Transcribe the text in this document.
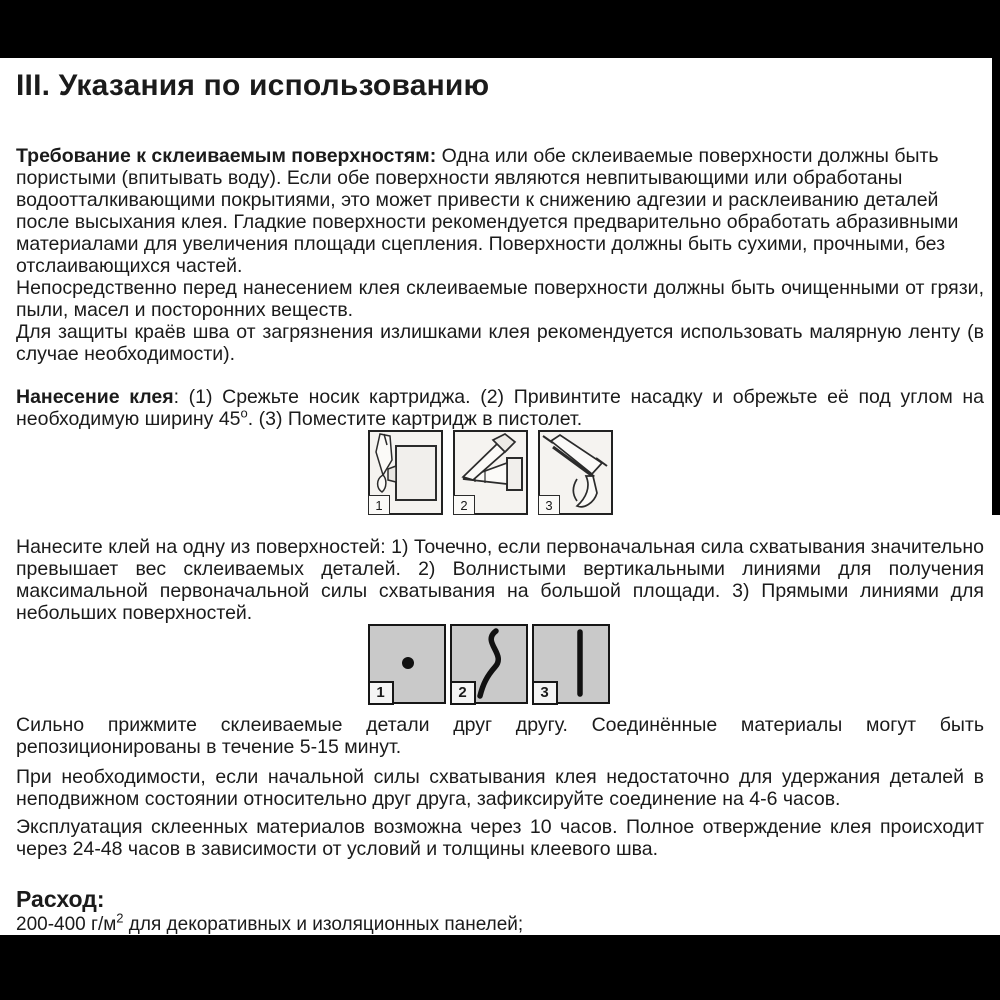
III. Указания по использованию

Требование к склеиваемым поверхностям: Одна или обе склеиваемые поверхности должны быть пористыми (впитывать воду). Если обе поверхности являются невпитывающими или обработаны водоотталкивающими покрытиями, это может привести к снижению адгезии и расклеиванию деталей после высыхания клея. Гладкие поверхности рекомендуется предварительно обработать абразивными материалами для увеличения площади сцепления. Поверхности должны быть сухими, прочными, без отслаивающихся частей.

Непосредственно перед нанесением клея склеиваемые поверхности должны быть очищенными от грязи, пыли, масел и посторонних веществ.

Для защиты краёв шва от загрязнения излишками клея рекомендуется использовать малярную ленту (в случае необходимости).

Нанесение клея: (1) Срежьте носик картриджа. (2) Привинтите насадку и обрежьте её под углом на необходимую ширину $45^о$. (3) Поместите картридж в пистолет.

1	2	3

Нанесите клей на одну из поверхностей: 1) Точечно, если первоначальная сила схватывания значительно превышает вес склеиваемых деталей. 2) Волнистыми вертикальными линиями для получения максимальной первоначальной силы схватывания на большой площади. 3) Прямыми линиями для небольших поверхностей.

1	2	3

Сильно прижмите склеиваемые детали друг другу. Соединённые материалы могут быть репозиционированы в течение 5-15 минут.

При необходимости, если начальной силы схватывания клея недостаточно для удержания деталей в неподвижном состоянии относительно друг друга, зафиксируйте соединение на 4-6 часов.

Эксплуатация склеенных материалов возможна через 10 часов. Полное отверждение клея происходит через 24-48 часов в зависимости от условий и толщины клеевого шва.

Расход:

200-400 $г/м^2$ для декоративных и изоляционных панелей;
